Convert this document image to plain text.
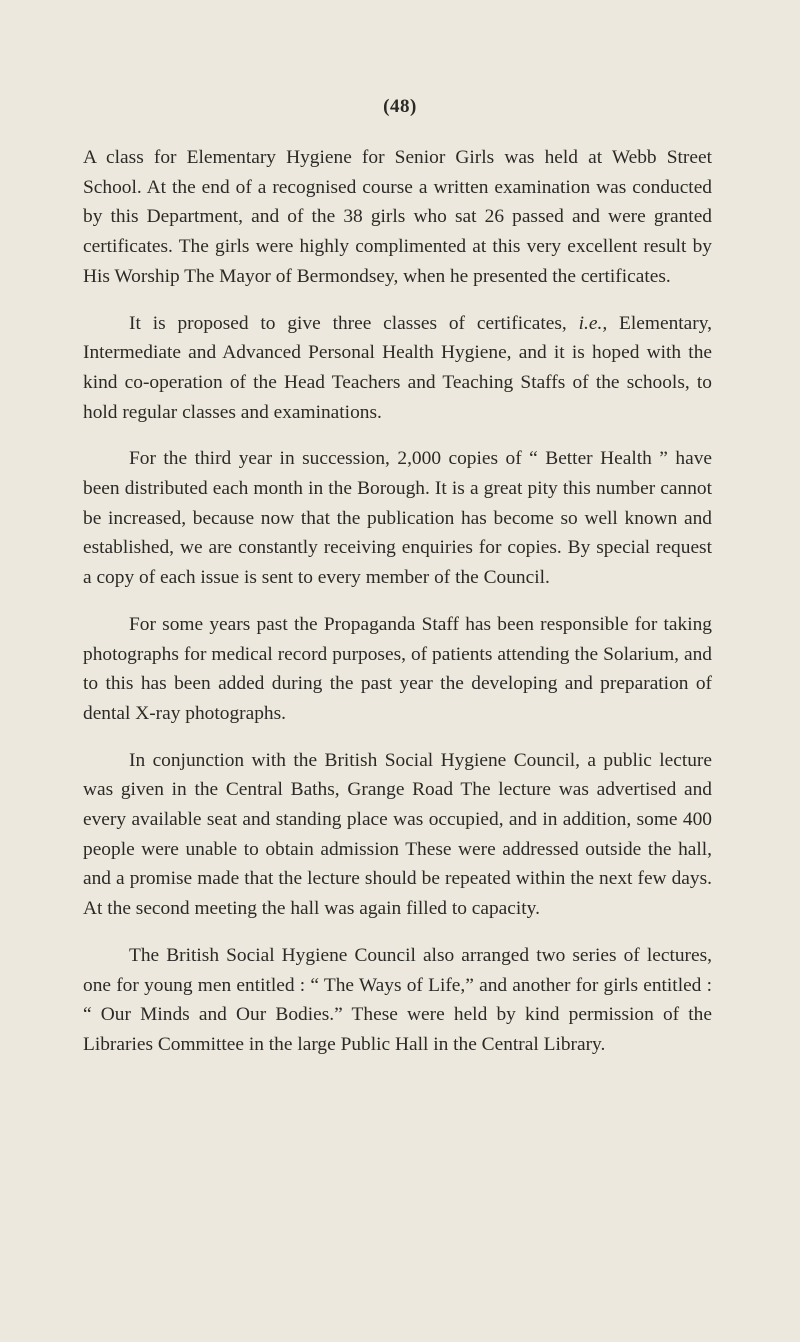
(48)

A class for Elementary Hygiene for Senior Girls was held at Webb Street School. At the end of a recognised course a written examination was conducted by this Department, and of the 38 girls who sat 26 passed and were granted certificates. The girls were highly complimented at this very excellent result by His Worship The Mayor of Bermondsey, when he presented the certificates.

It is proposed to give three classes of certificates, i.e., Elementary, Intermediate and Advanced Personal Health Hygiene, and it is hoped with the kind co-operation of the Head Teachers and Teaching Staffs of the schools, to hold regular classes and examinations.

For the third year in succession, 2,000 copies of “ Better Health ” have been distributed each month in the Borough. It is a great pity this number cannot be increased, because now that the publication has become so well known and established, we are constantly receiving enquiries for copies. By special request a copy of each issue is sent to every member of the Council.

For some years past the Propaganda Staff has been responsible for taking photographs for medical record purposes, of patients attending the Solarium, and to this has been added during the past year the developing and preparation of dental X-ray photographs.

In conjunction with the British Social Hygiene Council, a public lecture was given in the Central Baths, Grange Road The lecture was advertised and every available seat and standing place was occupied, and in addition, some 400 people were unable to obtain admission These were addressed outside the hall, and a promise made that the lecture should be repeated within the next few days. At the second meeting the hall was again filled to capacity.

The British Social Hygiene Council also arranged two series of lectures, one for young men entitled : “ The Ways of Life,” and another for girls entitled : “ Our Minds and Our Bodies.” These were held by kind permission of the Libraries Committee in the large Public Hall in the Central Library.
